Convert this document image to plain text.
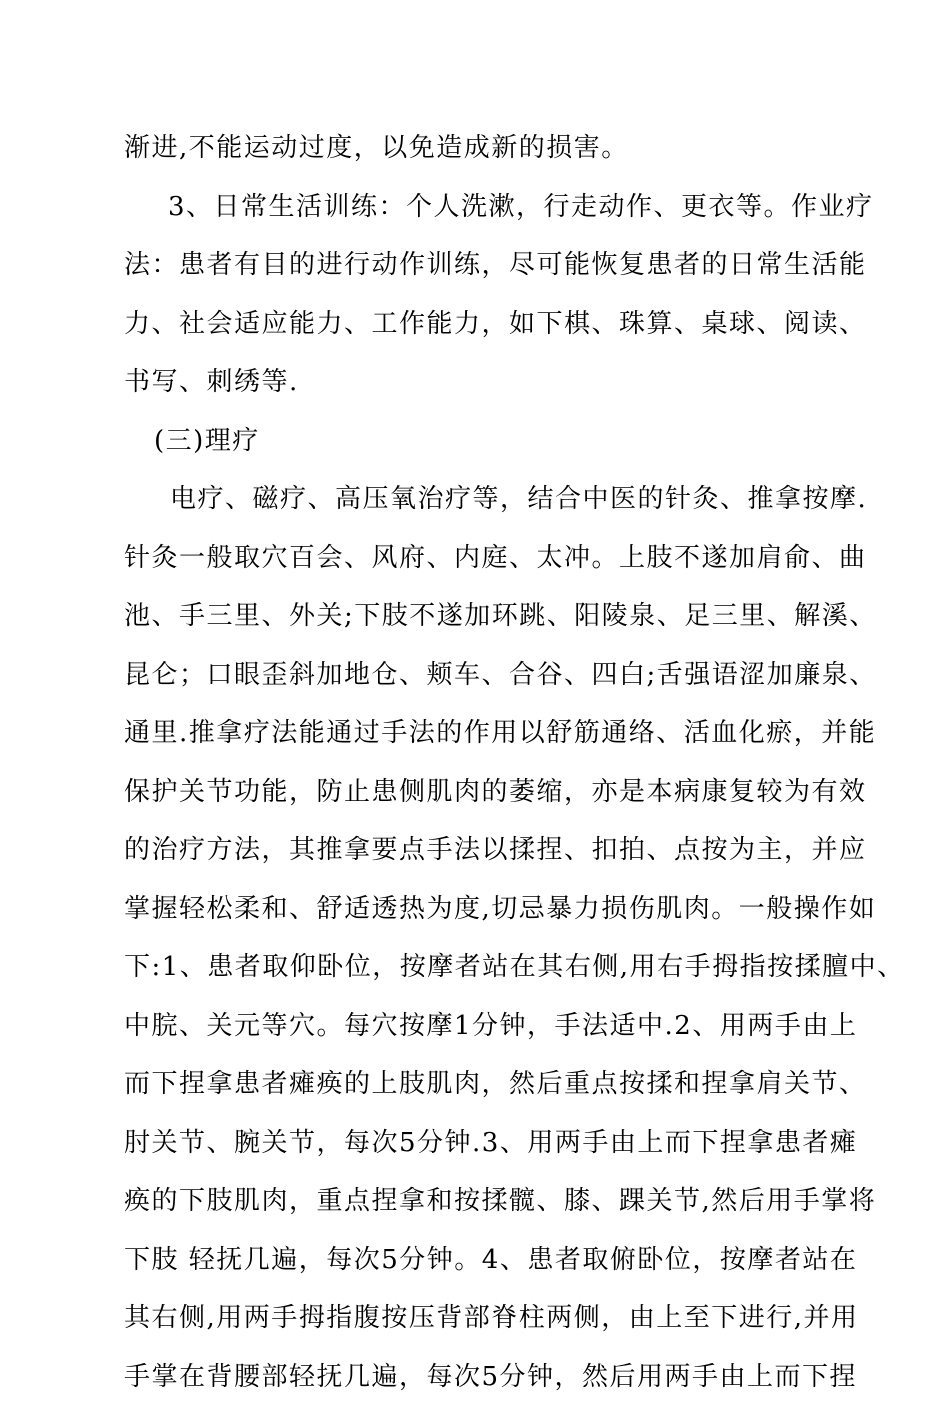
渐进,不能运动过度，以免造成新的损害。
3、日常生活训练：个人洗漱，行走动作、更衣等。作业疗
法：患者有目的进行动作训练，尽可能恢复患者的日常生活能
力、社会适应能力、工作能力，如下棋、珠算、桌球、阅读、
书写、刺绣等.
(三)理疗
电疗、磁疗、高压氧治疗等，结合中医的针灸、推拿按摩.
针灸一般取穴百会、风府、内庭、太冲。上肢不遂加肩俞、曲
池、手三里、外关;下肢不遂加环跳、阳陵泉、足三里、解溪、
昆仑；口眼歪斜加地仓、颊车、合谷、四白;舌强语涩加廉泉、
通里.推拿疗法能通过手法的作用以舒筋通络、活血化瘀，并能
保护关节功能，防止患侧肌肉的萎缩，亦是本病康复较为有效
的治疗方法，其推拿要点手法以揉捏、扣拍、点按为主，并应
掌握轻松柔和、舒适透热为度,切忌暴力损伤肌肉。一般操作如
下:1、患者取仰卧位，按摩者站在其右侧,用右手拇指按揉膻中、
中脘、关元等穴。每穴按摩1分钟，手法适中.2、用两手由上
而下捏拿患者瘫痪的上肢肌肉，然后重点按揉和捏拿肩关节、
肘关节、腕关节，每次5分钟.3、用两手由上而下捏拿患者瘫
痪的下肢肌肉，重点捏拿和按揉髋、膝、踝关节,然后用手掌将
下肢 轻抚几遍，每次5分钟。4、患者取俯卧位，按摩者站在
其右侧,用两手拇指腹按压背部脊柱两侧，由上至下进行,并用
手掌在背腰部轻抚几遍，每次5分钟，然后用两手由上而下捏
